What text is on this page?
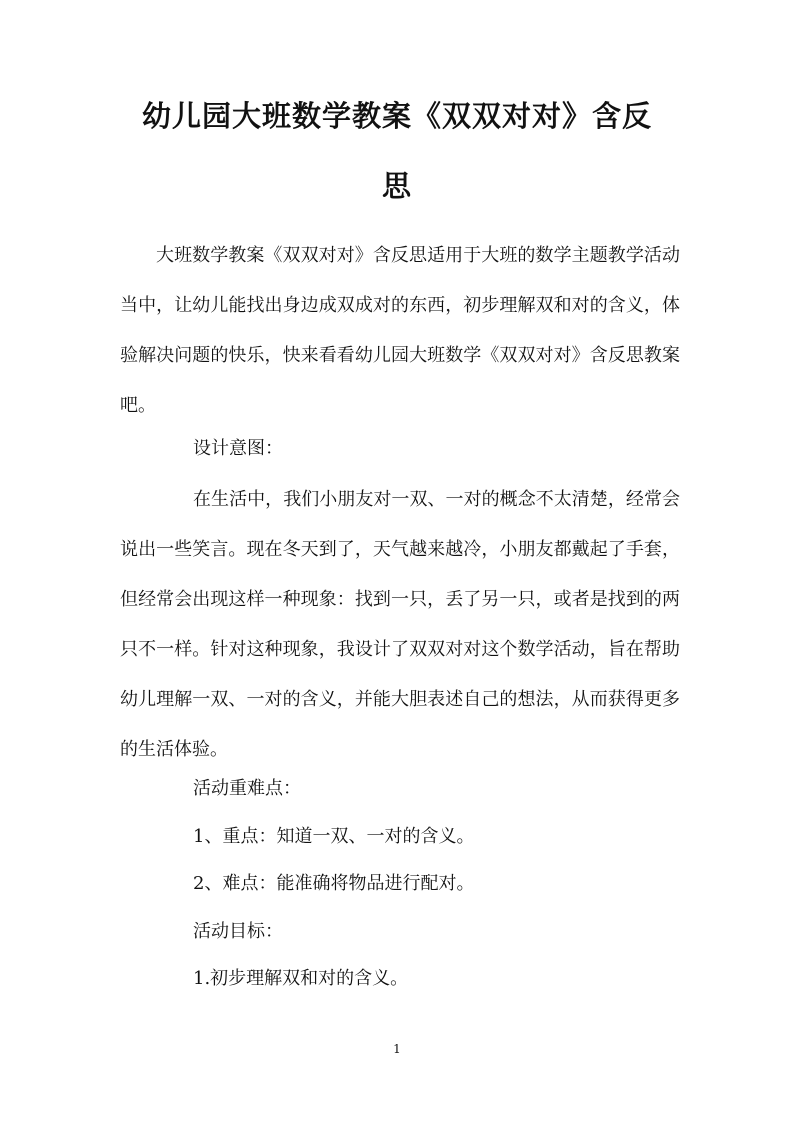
幼儿园大班数学教案《双双对对》含反
思
大班数学教案《双双对对》含反思适用于大班的数学主题教学活动当中，让幼儿能找出身边成双成对的东西，初步理解双和对的含义，体验解决问题的快乐，快来看看幼儿园大班数学《双双对对》含反思教案吧。
设计意图：
在生活中，我们小朋友对一双、一对的概念不太清楚，经常会说出一些笑言。现在冬天到了，天气越来越冷，小朋友都戴起了手套，但经常会出现这样一种现象：找到一只，丢了另一只，或者是找到的两只不一样。针对这种现象，我设计了双双对对这个数学活动，旨在帮助幼儿理解一双、一对的含义，并能大胆表述自己的想法，从而获得更多的生活体验。
活动重难点：
1、重点：知道一双、一对的含义。
2、难点：能准确将物品进行配对。
活动目标：
1.初步理解双和对的含义。
1
